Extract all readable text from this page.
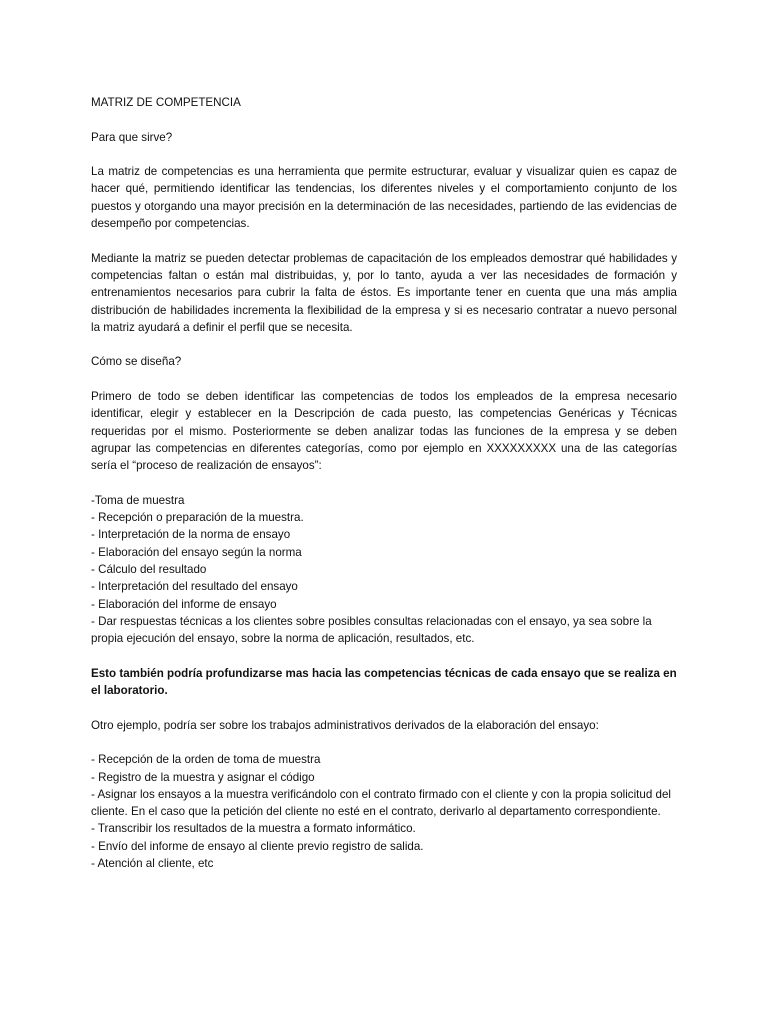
MATRIZ DE COMPETENCIA

Para que sirve?

La matriz de competencias es una herramienta que permite estructurar, evaluar y visualizar quien es capaz de hacer qué, permitiendo identificar las tendencias, los diferentes niveles y el comportamiento conjunto de los puestos y otorgando una mayor precisión en la determinación de las necesidades, partiendo de las evidencias de desempeño por competencias.

Mediante la matriz se pueden detectar problemas de capacitación de los empleados demostrar qué habilidades y competencias faltan o están mal distribuidas, y, por lo tanto, ayuda a ver las necesidades de formación y entrenamientos necesarios para cubrir la falta de éstos. Es importante tener en cuenta que una más amplia distribución de habilidades incrementa la flexibilidad de la empresa y si es necesario contratar a nuevo personal la matriz ayudará a definir el perfil que se necesita.

Cómo se diseña?

Primero de todo se deben identificar las competencias de todos los empleados de la empresa necesario identificar, elegir y establecer en la Descripción de cada puesto, las competencias Genéricas y Técnicas requeridas por el mismo. Posteriormente se deben analizar todas las funciones de la empresa y se deben agrupar las competencias en diferentes categorías, como por ejemplo en XXXXXXXXX una de las categorías sería el “proceso de realización de ensayos”:

-Toma de muestra
- Recepción o preparación de la muestra.
- Interpretación de la norma de ensayo
- Elaboración del ensayo según la norma
- Cálculo del resultado
- Interpretación del resultado del ensayo
- Elaboración del informe de ensayo
- Dar respuestas técnicas a los clientes sobre posibles consultas relacionadas con el ensayo, ya sea sobre la propia ejecución del ensayo, sobre la norma de aplicación, resultados, etc.

Esto también podría profundizarse mas hacia las competencias técnicas de cada ensayo que se realiza en el laboratorio.

Otro ejemplo, podría ser sobre los trabajos administrativos derivados de la elaboración del ensayo:

- Recepción de la orden de toma de muestra
- Registro de la muestra y asignar el código
- Asignar los ensayos a la muestra verificándolo con el contrato firmado con el cliente y con la propia solicitud del cliente. En el caso que la petición del cliente no esté en el contrato, derivarlo al departamento correspondiente.
- Transcribir los resultados de la muestra a formato informático.
- Envío del informe de ensayo al cliente previo registro de salida.
- Atención al cliente, etc
